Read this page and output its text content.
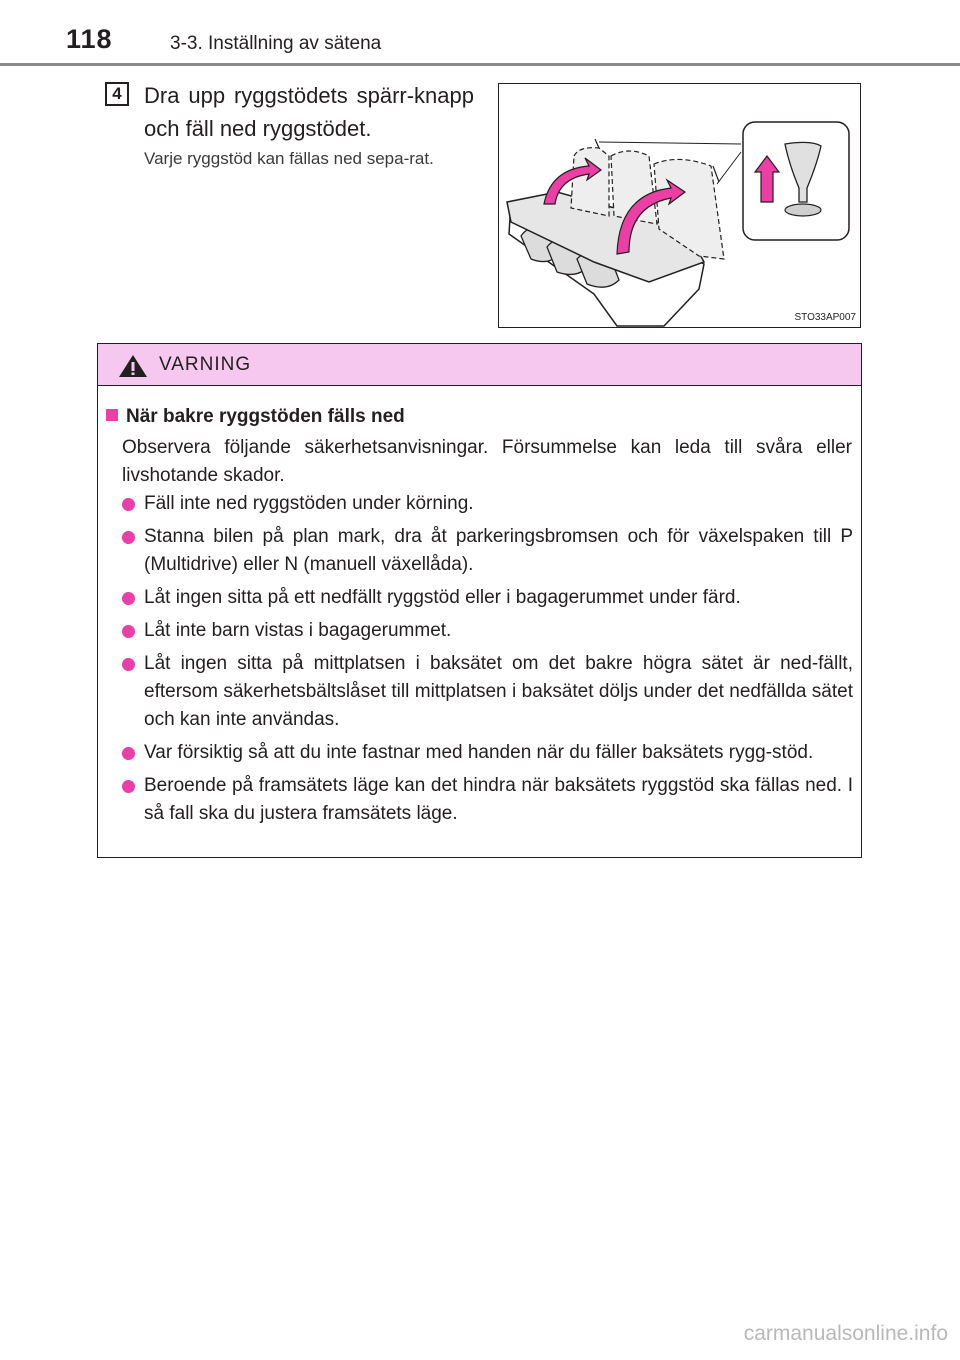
118	3-3. Inställning av sätena
4	Dra upp ryggstödets spärr-knapp och fäll ned ryggstödet.
Varje ryggstöd kan fällas ned sepa-rat.
STO33AP007
VARNING
När bakre ryggstöden fälls ned
Observera följande säkerhetsanvisningar. Försummelse kan leda till svåra eller livshotande skador.
Fäll inte ned ryggstöden under körning.
Stanna bilen på plan mark, dra åt parkeringsbromsen och för växelspaken till P (Multidrive) eller N (manuell växellåda).
Låt ingen sitta på ett nedfällt ryggstöd eller i bagagerummet under färd.
Låt inte barn vistas i bagagerummet.
Låt ingen sitta på mittplatsen i baksätet om det bakre högra sätet är ned-fällt, eftersom säkerhetsbältslåset till mittplatsen i baksätet döljs under det nedfällda sätet och kan inte användas.
Var försiktig så att du inte fastnar med handen när du fäller baksätets rygg-stöd.
Beroende på framsätets läge kan det hindra när baksätets ryggstöd ska fällas ned. I så fall ska du justera framsätets läge.
carmanualsonline.info
